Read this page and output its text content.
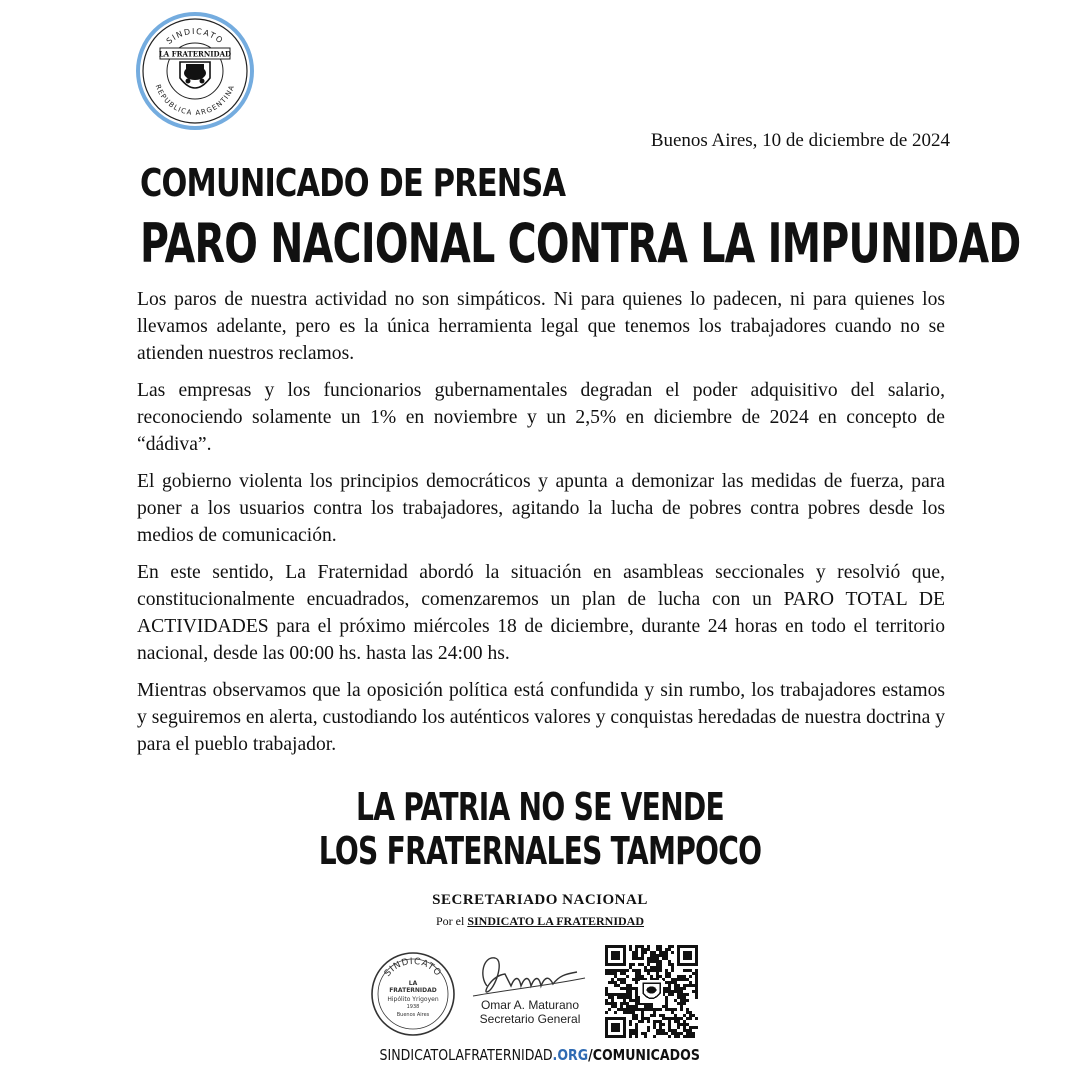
SINDICATO
REPUBLICA ARGENTINA
LA FRATERNIDAD
Buenos Aires, 10 de diciembre de 2024
COMUNICADO DE PRENSA
PARO NACIONAL CONTRA LA IMPUNIDAD

Los paros de nuestra actividad no son simpáticos. Ni para quienes lo padecen, ni para quienes los llevamos adelante, pero es la única herramienta legal que tenemos los trabajadores cuando no se atienden nuestros reclamos.

Las empresas y los funcionarios gubernamentales degradan el poder adquisitivo del salario, reconociendo solamente un 1% en noviembre y un 2,5% en diciembre de 2024 en concepto de “dádiva”.

El gobierno violenta los principios democráticos y apunta a demonizar las medidas de fuerza, para poner a los usuarios contra los trabajadores, agitando la lucha de pobres contra pobres desde los medios de comunicación.

En este sentido, La Fraternidad abordó la situación en asambleas seccionales y resolvió que, constitucionalmente encuadrados, comenzaremos un plan de lucha con un PARO TOTAL DE ACTIVIDADES para el próximo miércoles 18 de diciembre, durante 24 horas en todo el territorio nacional, desde las 00:00 hs. hasta las 24:00 hs.

Mientras observamos que la oposición política está confundida y sin rumbo, los trabajadores estamos y seguiremos en alerta, custodiando los auténticos valores y conquistas heredadas de nuestra doctrina y para el pueblo trabajador.

LA PATRIA NO SE VENDE
LOS FRATERNALES TAMPOCO
SECRETARIADO NACIONAL
Por el SINDICATO LA FRATERNIDAD
SINDICATO
LA
FRATERNIDAD
Hipólito Yrigoyen
1938
Buenos Aires
Omar A. Maturano
Secretario General
SINDICATOLAFRATERNIDAD.ORG/COMUNICADOS
